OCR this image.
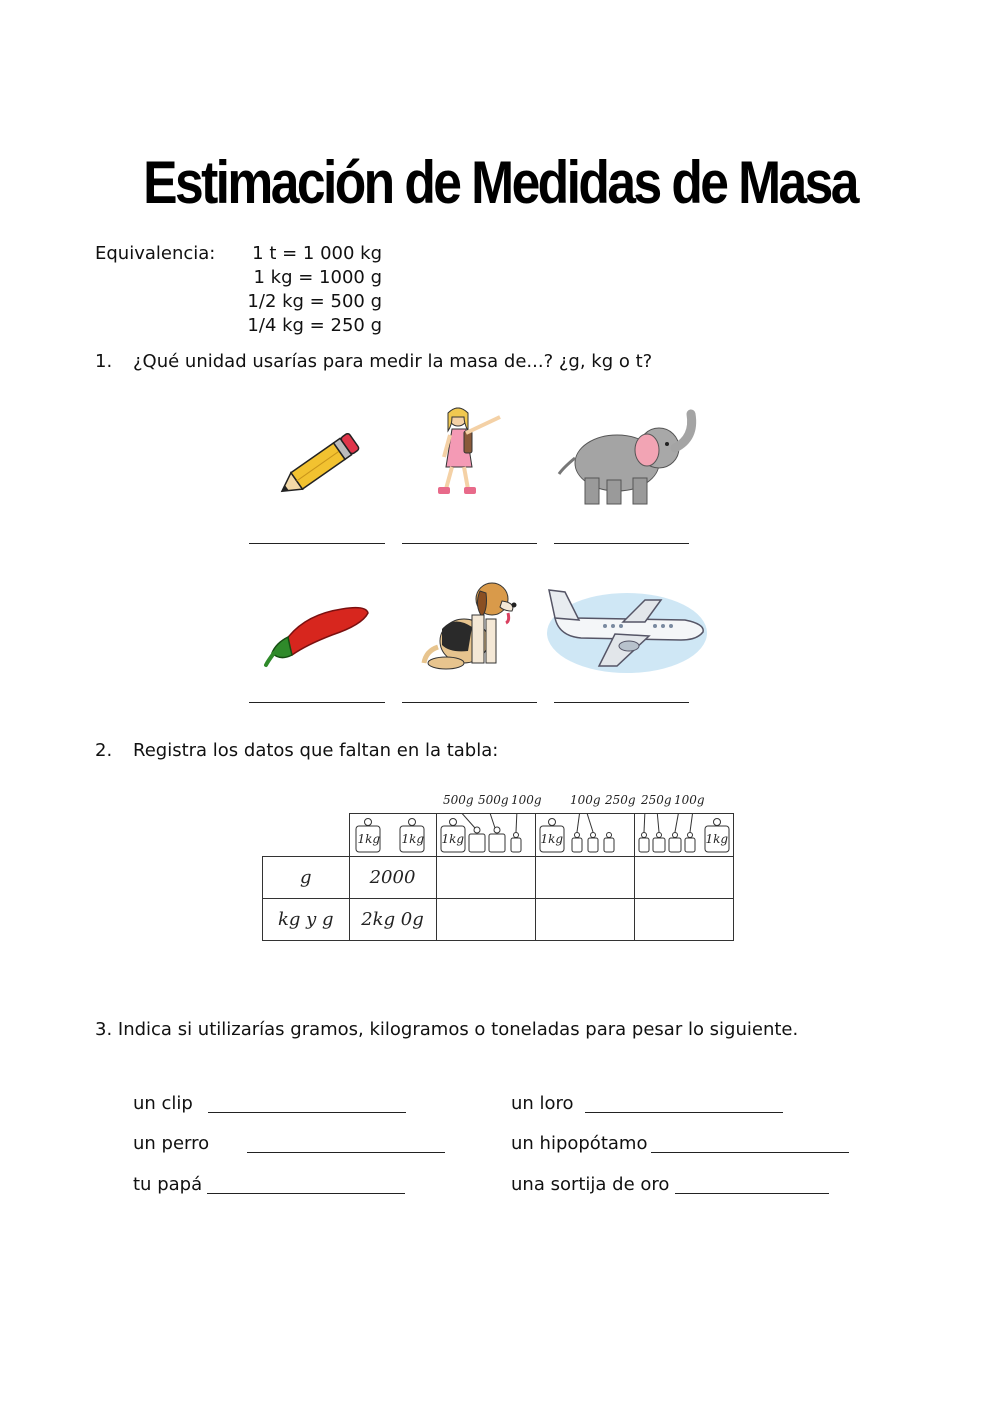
Estimación de Medidas de Masa
Equivalencia:	1 t = 1 000 kg
1 kg = 1000 g
1/2 kg = 500 g
1/4 kg = 250 g
1. ¿Qué unidad usarías para medir la masa de...? ¿g, kg o t?
2. Registra los datos que faltan en la tabla:
500g 500g 100g 100g 250g 250g 100g

	1kg 1kg	1kg	1kg	1kg

g	2000			
kg y g	2kg 0g			
3. Indica si utilizarías gramos, kilogramos o toneladas para pesar lo siguiente.
un clip
un perro
tu papá
un loro
un hipopótamo
una sortija de oro
